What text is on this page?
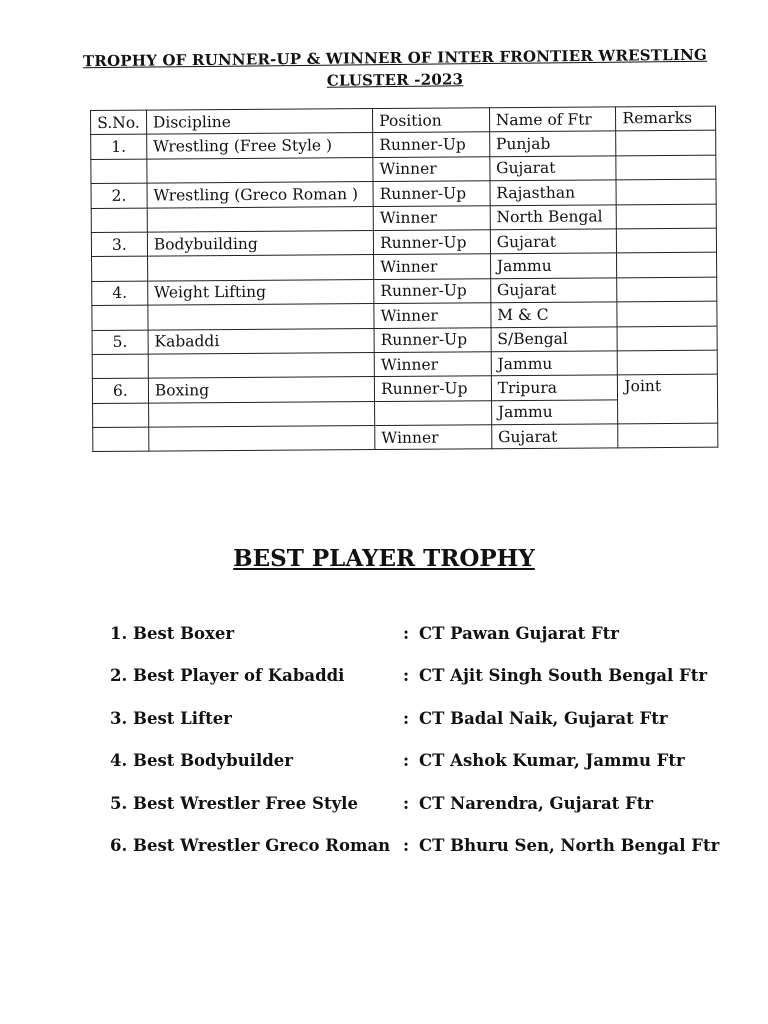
TROPHY OF RUNNER-UP & WINNER OF INTER FRONTIER WRESTLING
CLUSTER -2023
S.No.	Discipline	Position	Name of Ftr	Remarks
1.	Wrestling (Free Style )	Runner-Up	Punjab	
		Winner	Gujarat	
2.	Wrestling (Greco Roman )	Runner-Up	Rajasthan	
		Winner	North Bengal	
3.	Bodybuilding	Runner-Up	Gujarat	
		Winner	Jammu	
4.	Weight Lifting	Runner-Up	Gujarat	
		Winner	M & C	
5.	Kabaddi	Runner-Up	S/Bengal	
		Winner	Jammu	
6.	Boxing	Runner-Up	Tripura	Joint
			Jammu	
		Winner	Gujarat	
BEST PLAYER TROPHY
1. Best Boxer	: CT Pawan Gujarat Ftr
2. Best Player of Kabaddi	: CT Ajit Singh South Bengal Ftr
3. Best Lifter	: CT Badal Naik, Gujarat Ftr
4. Best Bodybuilder	: CT Ashok Kumar, Jammu Ftr
5. Best Wrestler Free Style	: CT Narendra, Gujarat Ftr
6. Best Wrestler Greco Roman : CT Bhuru Sen, North Bengal Ftr
